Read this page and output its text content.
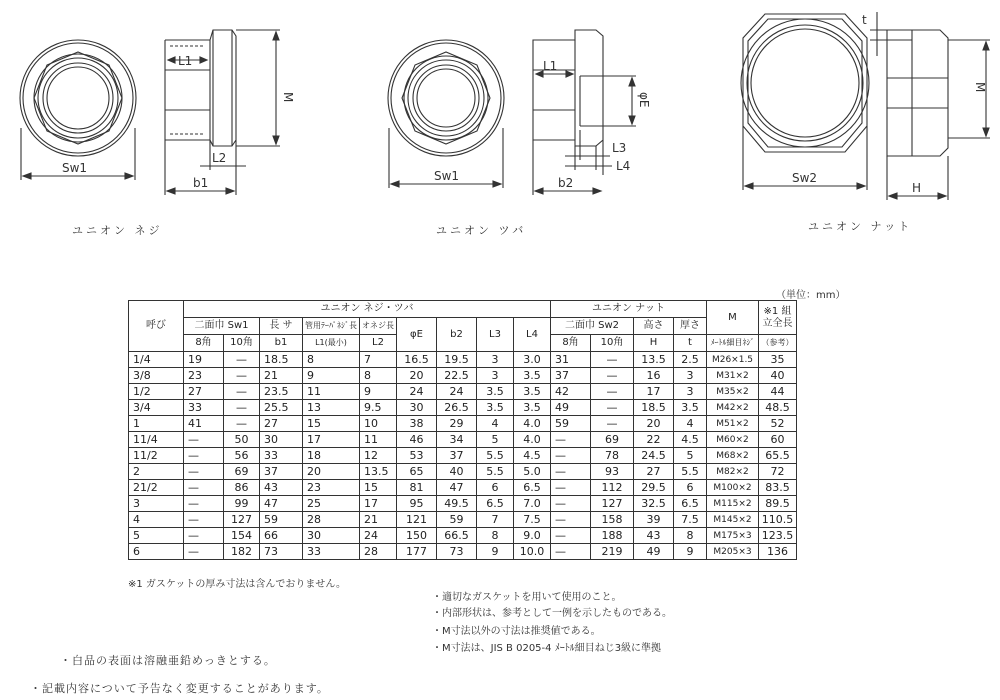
Sw1
L1
M
L2
b1	Sw1
L1
φE
L3
L4
b2	Sw2
t
M
H
ユニオン ネジ	ユニオン ツバ	ユニオン ナット
（単位：mm）
呼び	ユニオン ネジ・ツバ									ユニオン ナット				M	※1 組立全長
	二面巾 Sw1		長 サ	管用ﾃｰﾊﾟﾈｼﾞ長	オネジ長	φE	b2	L3	L4	二面巾 Sw2		高さ	厚さ		
	8角	10角	b1	L1(最小)	L2					8角	10角	H	t	ﾒｰﾄﾙ細目ﾈｼﾞ	（参考）
1/4	19	—	18.5	8	7	16.5	19.5	3	3.0	31	—	13.5	2.5	M26×1.5	35
3/8	23	—	21	9	8	20	22.5	3	3.5	37	—	16	3	M31×2	40
1/2	27	—	23.5	11	9	24	24	3.5	3.5	42	—	17	3	M35×2	44
3/4	33	—	25.5	13	9.5	30	26.5	3.5	3.5	49	—	18.5	3.5	M42×2	48.5
1	41	—	27	15	10	38	29	4	4.0	59	—	20	4	M51×2	52
11/4	—	50	30	17	11	46	34	5	4.0	—	69	22	4.5	M60×2	60
11/2	—	56	33	18	12	53	37	5.5	4.5	—	78	24.5	5	M68×2	65.5
2	—	69	37	20	13.5	65	40	5.5	5.0	—	93	27	5.5	M82×2	72
21/2	—	86	43	23	15	81	47	6	6.5	—	112	29.5	6	M100×2	83.5
3	—	99	47	25	17	95	49.5	6.5	7.0	—	127	32.5	6.5	M115×2	89.5
4	—	127	59	28	21	121	59	7	7.5	—	158	39	7.5	M145×2	110.5
5	—	154	66	30	24	150	66.5	8	9.0	—	188	43	8	M175×3	123.5
6	—	182	73	33	28	177	73	9	10.0	—	219	49	9	M205×3	136
※1 ガスケットの厚み寸法は含んでおりません。
・適切なガスケットを用いて使用のこと。
・内部形状は、参考として一例を示したものである。
・M寸法以外の寸法は推奨値である。
・M寸法は、JIS B 0205-4 ﾒｰﾄﾙ細目ねじ3級に準拠
・白品の表面は溶融亜鉛めっきとする。
・記載内容について予告なく変更することがあります。
